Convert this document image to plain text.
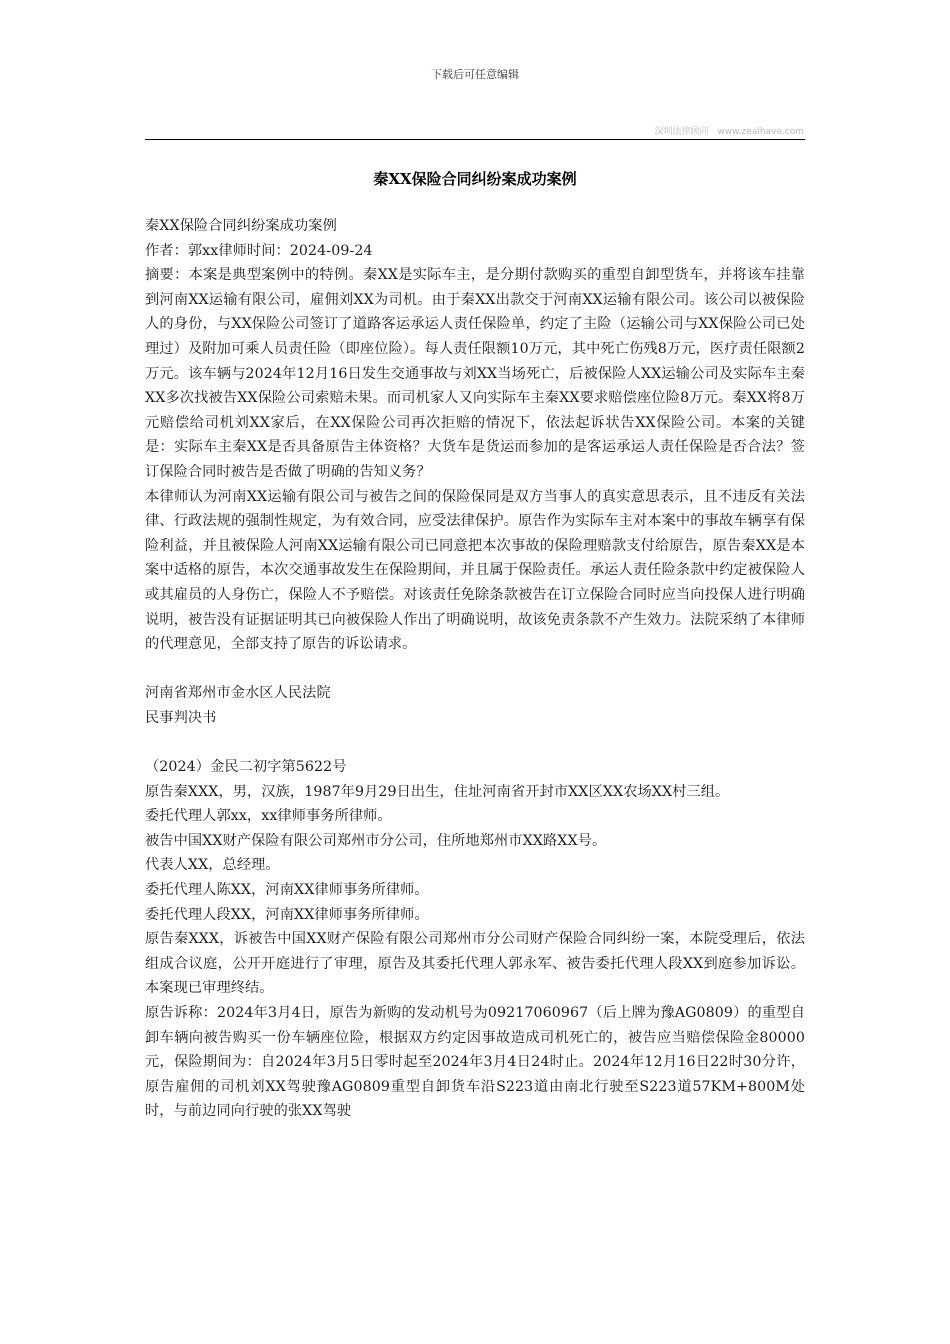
下载后可任意编辑
深圳法律顾问 www.zealhave.com
秦XX保险合同纠纷案成功案例

秦XX保险合同纠纷案成功案例

作者：郭xx律师时间：2024-09-24

摘要：本案是典型案例中的特例。秦XX是实际车主，是分期付款购买的重型自卸型货车，并将该车挂靠到河南XX运输有限公司，雇佣刘XX为司机。由于秦XX出款交于河南XX运输有限公司。该公司以被保险人的身份，与XX保险公司签订了道路客运承运人责任保险单，约定了主险（运输公司与XX保险公司已处理过）及附加可乘人员责任险（即座位险）。每人责任限额10万元，其中死亡伤残8万元，医疗责任限额2万元。该车辆与2024年12月16日发生交通事故与刘XX当场死亡，后被保险人XX运输公司及实际车主秦XX多次找被告XX保险公司索赔未果。而司机家人又向实际车主秦XX要求赔偿座位险8万元。秦XX将8万元赔偿给司机刘XX家后，在XX保险公司再次拒赔的情况下，依法起诉状告XX保险公司。本案的关键是：实际车主秦XX是否具备原告主体资格？大货车是货运而参加的是客运承运人责任保险是否合法？签订保险合同时被告是否做了明确的告知义务？

本律师认为河南XX运输有限公司与被告之间的保险保同是双方当事人的真实意思表示，且不违反有关法律、行政法规的强制性规定，为有效合同，应受法律保护。原告作为实际车主对本案中的事故车辆享有保险利益，并且被保险人河南XX运输有限公司已同意把本次事故的保险理赔款支付给原告，原告秦XX是本案中适格的原告，本次交通事故发生在保险期间，并且属于保险责任。承运人责任险条款中约定被保险人或其雇员的人身伤亡，保险人不予赔偿。对该责任免除条款被告在订立保险合同时应当向投保人进行明确说明，被告没有证据证明其已向被保险人作出了明确说明，故该免责条款不产生效力。法院采纳了本律师的代理意见，全部支持了原告的诉讼请求。

河南省郑州市金水区人民法院

民事判决书

（2024）金民二初字第5622号

原告秦XXX，男，汉族，1987年9月29日出生，住址河南省开封市XX区XX农场XX村三组。

委托代理人郭xx，xx律师事务所律师。

被告中国XX财产保险有限公司郑州市分公司，住所地郑州市XX路XX号。

代表人XX，总经理。

委托代理人陈XX，河南XX律师事务所律师。

委托代理人段XX，河南XX律师事务所律师。

原告秦XXX，诉被告中国XX财产保险有限公司郑州市分公司财产保险合同纠纷一案，本院受理后，依法组成合议庭，公开开庭进行了审理，原告及其委托代理人郭永军、被告委托代理人段XX到庭参加诉讼。本案现已审理终结。

原告诉称：2024年3月4日，原告为新购的发动机号为09217060967（后上牌为豫AG0809）的重型自卸车辆向被告购买一份车辆座位险，根据双方约定因事故造成司机死亡的，被告应当赔偿保险金80000元，保险期间为：自2024年3月5日零时起至2024年3月4日24时止。2024年12月16日22时30分许，原告雇佣的司机刘XX驾驶豫AG0809重型自卸货车沿S223道由南北行驶至S223道57KM+800M处时，与前边同向行驶的张XX驾驶
